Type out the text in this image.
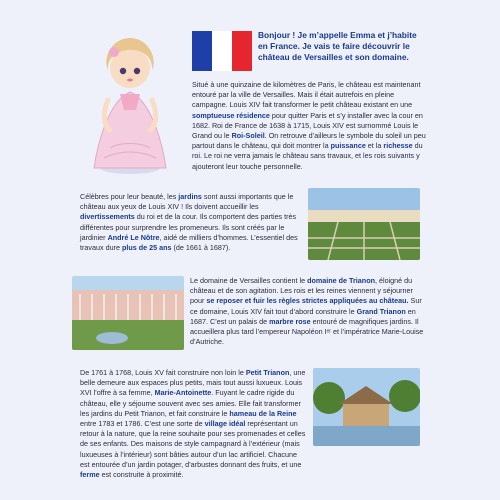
Bonjour ! Je m’appelle Emma et j’habite en France. Je vais te faire découvrir le château de Versailles et son domaine.
Situé à une quinzaine de kilomètres de Paris, le château est maintenant entouré par la ville de Versailles. Mais il était autrefois en pleine campagne. Louis XIV fait transformer le petit château existant en une somptueuse résidence pour quitter Paris et s’y installer avec la cour en 1682. Roi de France de 1638 à 1715, Louis XIV est surnommé Louis le Grand ou le Roi-Soleil. On retrouve d’ailleurs le symbole du soleil un peu partout dans le château, qui doit montrer la puissance et la richesse du roi. Le roi ne verra jamais le château sans travaux, et les rois suivants y ajouteront leur touche personnelle.
Célèbres pour leur beauté, les jardins sont aussi importants que le château aux yeux de Louis XIV ! Ils doivent accueillir les divertissements du roi et de la cour. Ils comportent des parties très différentes pour surprendre les promeneurs. Ils sont créés par le jardinier André Le Nôtre, aidé de milliers d’hommes. L’essentiel des travaux dure plus de 25 ans (de 1661 à 1687).
Le domaine de Versailles contient le domaine de Trianon, éloigné du château et de son agitation. Les rois et les reines viennent y séjourner pour se reposer et fuir les règles strictes appliquées au château. Sur ce domaine, Louis XIV fait tout d’abord construire le Grand Trianon en 1687. C’est un palais de marbre rose entouré de magnifiques jardins. Il accueillera plus tard l’empereur Napoléon Iᵉʳ et l’impératrice Marie-Louise d’Autriche.
De 1761 à 1768, Louis XV fait construire non loin le Petit Trianon, une belle demeure aux espaces plus petits, mais tout aussi luxueux. Louis XVI l’offre à sa femme, Marie-Antoinette. Fuyant le cadre rigide du château, elle y séjourne souvent avec ses amies. Elle fait transformer les jardins du Petit Trianon, et fait construire le hameau de la Reine entre 1783 et 1786. C’est une sorte de village idéal représentant un retour à la nature, que la reine souhaite pour ses promenades et celles de ses enfants. Des maisons de style campagnard à l’extérieur (mais luxueuses à l’intérieur) sont bâties autour d’un lac artificiel. Chacune est entourée d’un jardin potager, d’arbustes donnant des fruits, et une ferme est construite à proximité.
